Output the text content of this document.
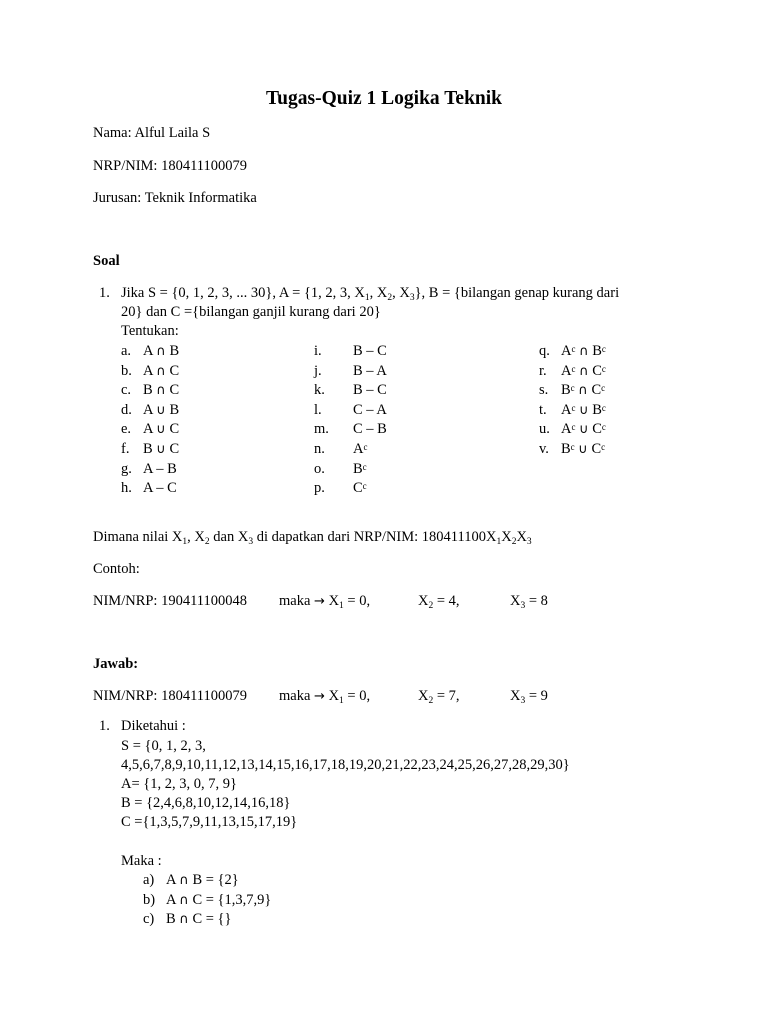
Tugas-Quiz 1 Logika Teknik
Nama: Alful Laila S
NRP/NIM: 180411100079
Jurusan: Teknik Informatika
Soal
1. Jika S = {0, 1, 2, 3, ... 30}, A = {1, 2, 3, $X_1$, $X_2$, $X_3$}, B = {bilangan genap kurang dari
20} dan C ={bilangan ganjil kurang dari 20}
Tentukan:
a. A ∩ B
b. A ∩ C
c. B ∩ C
d. A ∪ B
e. A ∪ C
f. B ∪ C
g. A – B
h. A – C
i. B – C
j. B – A
k. B – C
l. C – A
m. C – B
n. $A^c$
o. $B^c$
p. $C^c$
q. $A^c$ ∩ $B^c$
r. $A^c$ ∩ $C^c$
s. $B^c$ ∩ $C^c$
t. $A^c$ ∪ $B^c$
u. $A^c$ ∪ $C^c$
v. $B^c$ ∪ $C^c$
Dimana nilai $X_1$, $X_2$ dan $X_3$ di dapatkan dari NRP/NIM: $180411100X_1X_2X_3$
Contoh:
NIM/NRP: 190411100048 maka → $X_1 = 0$,	$X_2 = 4$,	$X_3 = 8$
Jawab:
NIM/NRP: 180411100079 maka → $X_1 = 0$,	$X_2 = 7$,	$X_3 = 9$
1. Diketahui :
S = {0, 1, 2, 3,
4,5,6,7,8,9,10,11,12,13,14,15,16,17,18,19,20,21,22,23,24,25,26,27,28,29,30}
A= {1, 2, 3, 0, 7, 9}
B = {2,4,6,8,10,12,14,16,18}
C ={1,3,5,7,9,11,13,15,17,19}
Maka :
a) A ∩ B = {2}
b) A ∩ C = {1,3,7,9}
c) B ∩ C = {}
